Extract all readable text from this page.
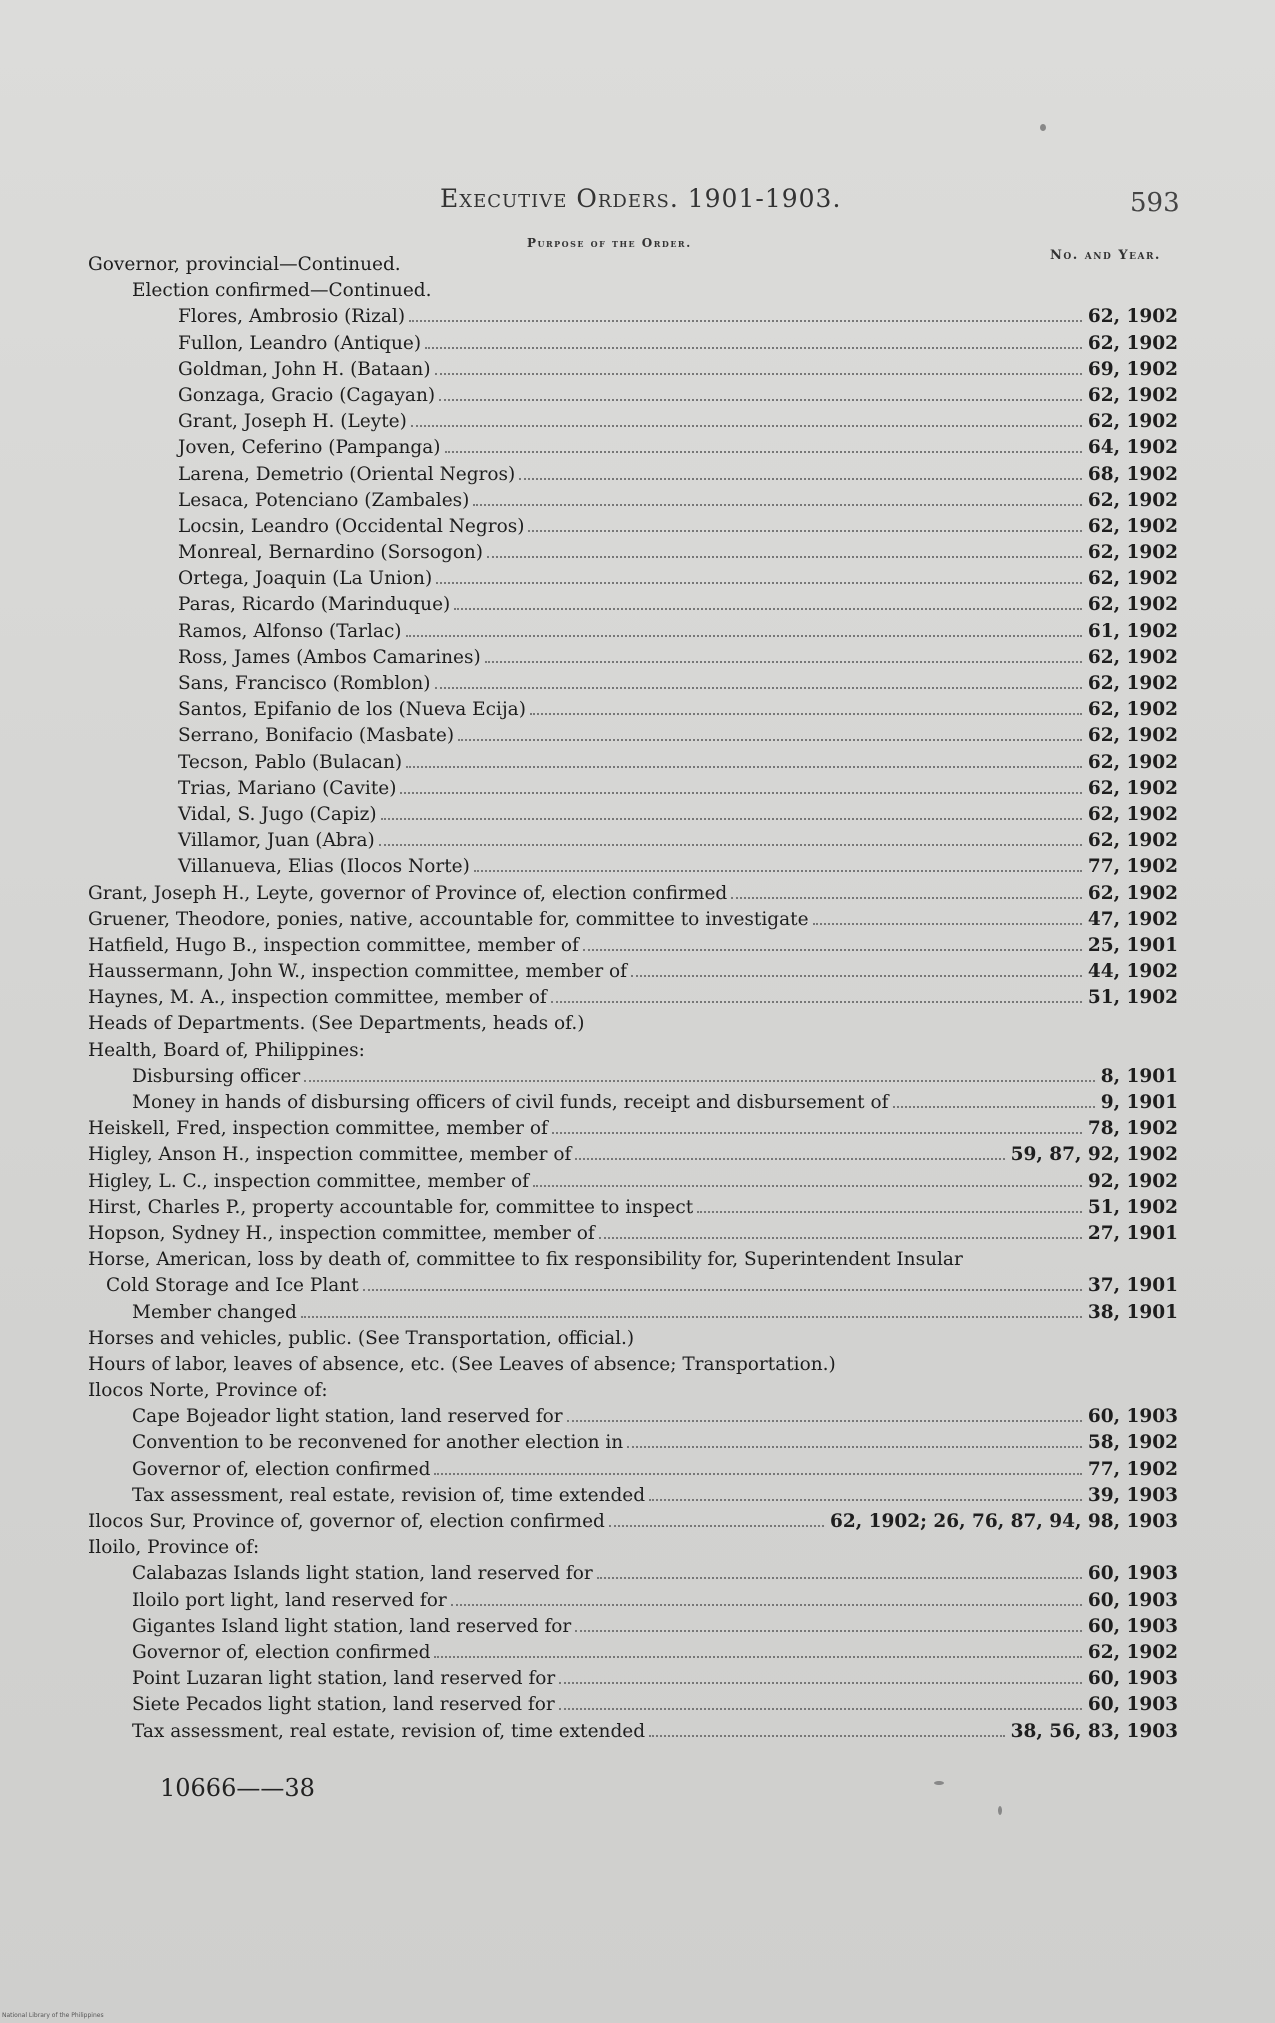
Executive Orders. 1901-1903.	593
Purpose of the Order.
No. and Year.
Governor, provincial—Continued.
Election confirmed—Continued.
Flores, Ambrosio (Rizal)	62, 1902
Fullon, Leandro (Antique)	62, 1902
Goldman, John H. (Bataan)	69, 1902
Gonzaga, Gracio (Cagayan)	62, 1902
Grant, Joseph H. (Leyte)	62, 1902
Joven, Ceferino (Pampanga)	64, 1902
Larena, Demetrio (Oriental Negros)	68, 1902
Lesaca, Potenciano (Zambales)	62, 1902
Locsin, Leandro (Occidental Negros)	62, 1902
Monreal, Bernardino (Sorsogon)	62, 1902
Ortega, Joaquin (La Union)	62, 1902
Paras, Ricardo (Marinduque)	62, 1902
Ramos, Alfonso (Tarlac)	61, 1902
Ross, James (Ambos Camarines)	62, 1902
Sans, Francisco (Romblon)	62, 1902
Santos, Epifanio de los (Nueva Ecija)	62, 1902
Serrano, Bonifacio (Masbate)	62, 1902
Tecson, Pablo (Bulacan)	62, 1902
Trias, Mariano (Cavite)	62, 1902
Vidal, S. Jugo (Capiz)	62, 1902
Villamor, Juan (Abra)	62, 1902
Villanueva, Elias (Ilocos Norte)	77, 1902
Grant, Joseph H., Leyte, governor of Province of, election confirmed	62, 1902
Gruener, Theodore, ponies, native, accountable for, committee to investigate	47, 1902
Hatfield, Hugo B., inspection committee, member of	25, 1901
Haussermann, John W., inspection committee, member of	44, 1902
Haynes, M. A., inspection committee, member of	51, 1902
Heads of Departments. (See Departments, heads of.)
Health, Board of, Philippines:
Disbursing officer	8, 1901
Money in hands of disbursing officers of civil funds, receipt and disbursement of	9, 1901
Heiskell, Fred, inspection committee, member of	78, 1902
Higley, Anson H., inspection committee, member of	59, 87, 92, 1902
Higley, L. C., inspection committee, member of	92, 1902
Hirst, Charles P., property accountable for, committee to inspect	51, 1902
Hopson, Sydney H., inspection committee, member of	27, 1901
Horse, American, loss by death of, committee to fix responsibility for, Superintendent Insular
Cold Storage and Ice Plant	37, 1901
Member changed	38, 1901
Horses and vehicles, public. (See Transportation, official.)
Hours of labor, leaves of absence, etc. (See Leaves of absence; Transportation.)
Ilocos Norte, Province of:
Cape Bojeador light station, land reserved for	60, 1903
Convention to be reconvened for another election in	58, 1902
Governor of, election confirmed	77, 1902
Tax assessment, real estate, revision of, time extended	39, 1903
Ilocos Sur, Province of, governor of, election confirmed	62, 1902; 26, 76, 87, 94, 98, 1903
Iloilo, Province of:
Calabazas Islands light station, land reserved for	60, 1903
Iloilo port light, land reserved for	60, 1903
Gigantes Island light station, land reserved for	60, 1903
Governor of, election confirmed	62, 1902
Point Luzaran light station, land reserved for	60, 1903
Siete Pecados light station, land reserved for	60, 1903
Tax assessment, real estate, revision of, time extended	38, 56, 83, 1903
10666——38
National Library of the Philippines
